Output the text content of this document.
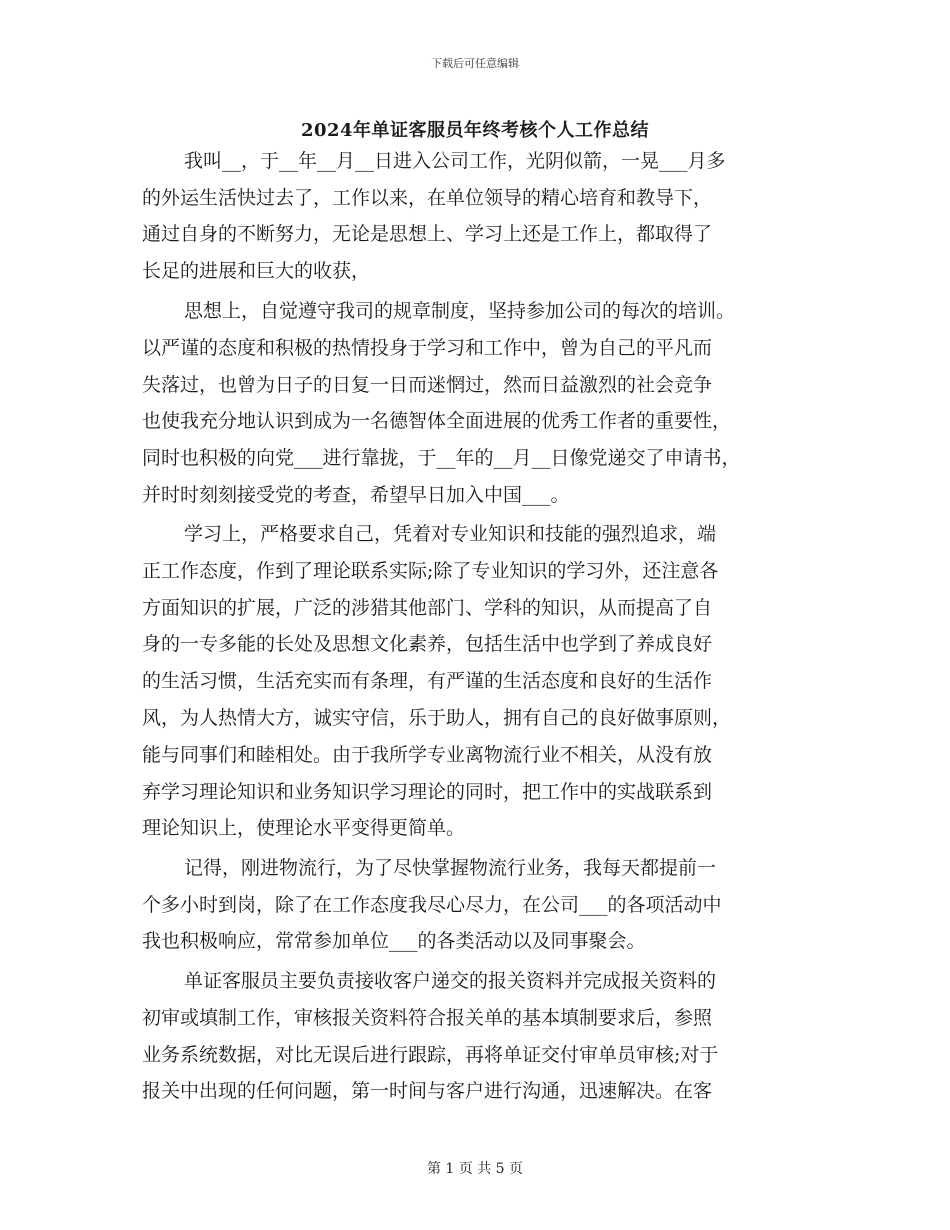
下载后可任意编辑
2024年单证客服员年终考核个人工作总结
我叫__，于__年__月__日进入公司工作，光阴似箭，一晃___月多
的外运生活快过去了，工作以来，在单位领导的精心培育和教导下，
通过自身的不断努力，无论是思想上、学习上还是工作上，都取得了
长足的进展和巨大的收获，
思想上，自觉遵守我司的规章制度，坚持参加公司的每次的培训。
以严谨的态度和积极的热情投身于学习和工作中，曾为自己的平凡而
失落过，也曾为日子的日复一日而迷惘过，然而日益激烈的社会竞争
也使我充分地认识到成为一名德智体全面进展的优秀工作者的重要性，
同时也积极的向党___进行靠拢，于__年的__月__日像党递交了申请书，
并时时刻刻接受党的考查，希望早日加入中国___。
学习上，严格要求自己，凭着对专业知识和技能的强烈追求，端
正工作态度，作到了理论联系实际;除了专业知识的学习外，还注意各
方面知识的扩展，广泛的涉猎其他部门、学科的知识，从而提高了自
身的一专多能的长处及思想文化素养，包括生活中也学到了养成良好
的生活习惯，生活充实而有条理，有严谨的生活态度和良好的生活作
风，为人热情大方，诚实守信，乐于助人，拥有自己的良好做事原则，
能与同事们和睦相处。由于我所学专业离物流行业不相关，从没有放
弃学习理论知识和业务知识学习理论的同时，把工作中的实战联系到
理论知识上，使理论水平变得更简单。
记得，刚进物流行，为了尽快掌握物流行业务，我每天都提前一
个多小时到岗，除了在工作态度我尽心尽力，在公司___的各项活动中
我也积极响应，常常参加单位___的各类活动以及同事聚会。
单证客服员主要负责接收客户递交的报关资料并完成报关资料的
初审或填制工作，审核报关资料符合报关单的基本填制要求后，参照
业务系统数据，对比无误后进行跟踪，再将单证交付审单员审核;对于
报关中出现的任何问题，第一时间与客户进行沟通，迅速解决。在客
第 1 页 共 5 页
